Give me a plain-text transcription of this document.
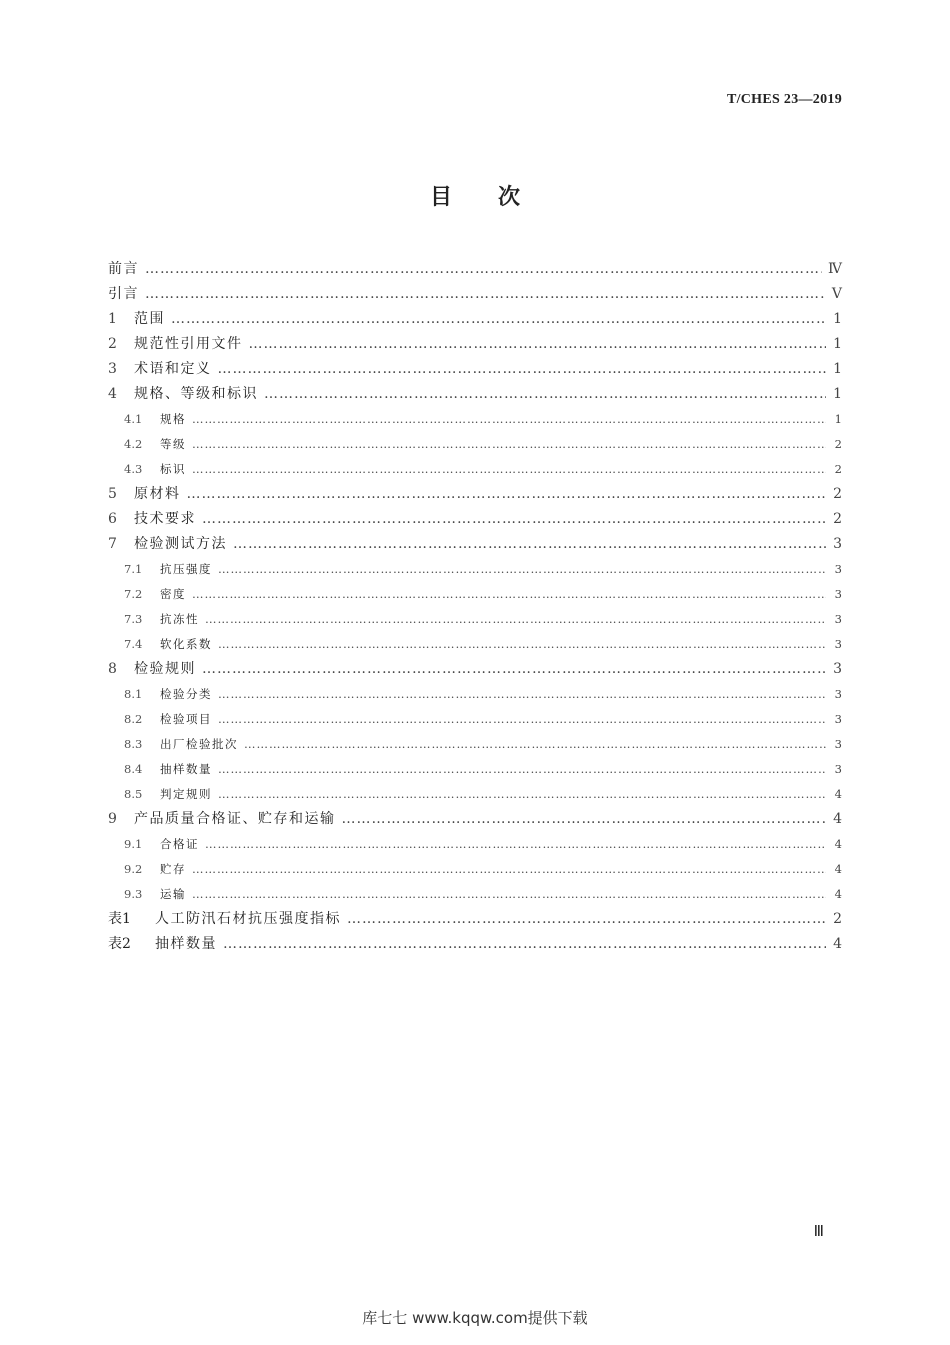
T/CHES 23—2019
目次
前言 ……………………………………………………………………………………………………………………………………………………………………………………………………………………	Ⅳ
引言 ……………………………………………………………………………………………………………………………………………………………………………………………………………………	Ⅴ
1	范围 ……………………………………………………………………………………………………………………………………………………………………………………………………………………	1
2	规范性引用文件 ……………………………………………………………………………………………………………………………………………………………………………………………………………………	1
3	术语和定义 ……………………………………………………………………………………………………………………………………………………………………………………………………………………	1
4	规格、等级和标识 ……………………………………………………………………………………………………………………………………………………………………………………………………………………	1
4.1	规格 ……………………………………………………………………………………………………………………………………………………………………………………………………………………	1
4.2	等级 ……………………………………………………………………………………………………………………………………………………………………………………………………………………	2
4.3	标识 ……………………………………………………………………………………………………………………………………………………………………………………………………………………	2
5	原材料 ……………………………………………………………………………………………………………………………………………………………………………………………………………………	2
6	技术要求 ……………………………………………………………………………………………………………………………………………………………………………………………………………………	2
7	检验测试方法 ……………………………………………………………………………………………………………………………………………………………………………………………………………………	3
7.1	抗压强度 ……………………………………………………………………………………………………………………………………………………………………………………………………………………	3
7.2	密度 ……………………………………………………………………………………………………………………………………………………………………………………………………………………	3
7.3	抗冻性 ……………………………………………………………………………………………………………………………………………………………………………………………………………………	3
7.4	软化系数 ……………………………………………………………………………………………………………………………………………………………………………………………………………………	3
8	检验规则 ……………………………………………………………………………………………………………………………………………………………………………………………………………………	3
8.1	检验分类 ……………………………………………………………………………………………………………………………………………………………………………………………………………………	3
8.2	检验项目 ……………………………………………………………………………………………………………………………………………………………………………………………………………………	3
8.3	出厂检验批次 ……………………………………………………………………………………………………………………………………………………………………………………………………………………	3
8.4	抽样数量 ……………………………………………………………………………………………………………………………………………………………………………………………………………………	3
8.5	判定规则 ……………………………………………………………………………………………………………………………………………………………………………………………………………………	4
9	产品质量合格证、贮存和运输 ……………………………………………………………………………………………………………………………………………………………………………………………………………………	4
9.1	合格证 ……………………………………………………………………………………………………………………………………………………………………………………………………………………	4
9.2	贮存 ……………………………………………………………………………………………………………………………………………………………………………………………………………………	4
9.3	运输 ……………………………………………………………………………………………………………………………………………………………………………………………………………………	4
表1	人工防汛石材抗压强度指标 ……………………………………………………………………………………………………………………………………………………………………………………………………………………	2
表2	抽样数量 ……………………………………………………………………………………………………………………………………………………………………………………………………………………	4
Ⅲ
库七七 www.kqqw.com提供下载
